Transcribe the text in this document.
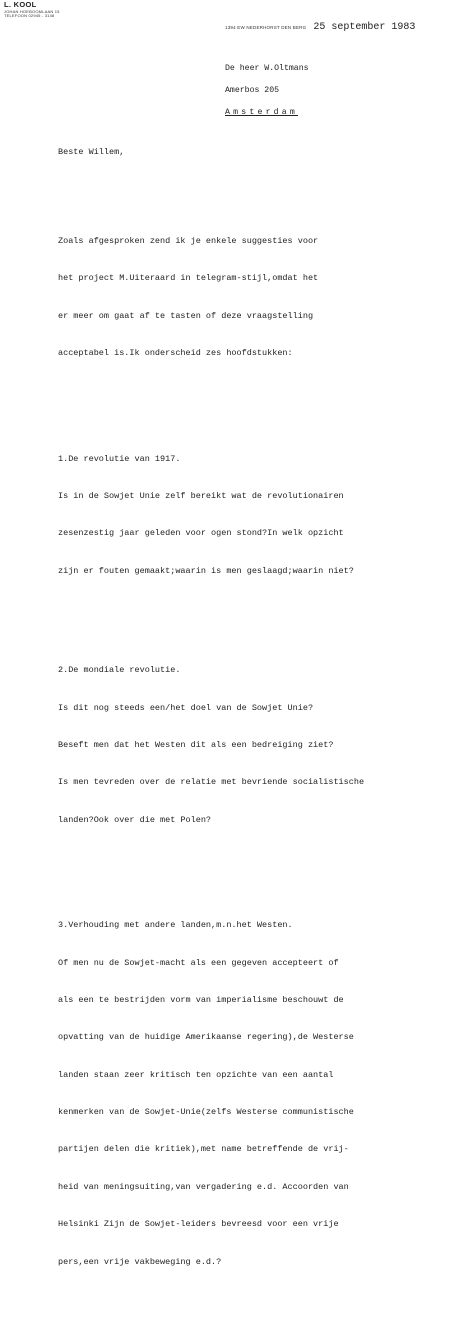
L. KOOL
JOHAN HOEBOOMLAAN 15
TELEFOON 02945 - 3148
1394 EW NEDERHORST DEN BERG 25 september 1983
De heer W.Oltmans
Amerbos 205
Amsterdam
Beste Willem,

Zoals afgesproken zend ik je enkele suggesties voor

het project M.Uiteraard in telegram-stijl,omdat het

er meer om gaat af te tasten of deze vraagstelling

acceptabel is.Ik onderscheid zes hoofdstukken:

1.De revolutie van 1917.

Is in de Sowjet Unie zelf bereikt wat de revolutionairen

zesenzestig jaar geleden voor ogen stond?In welk opzicht

zijn er fouten gemaakt;waarin is men geslaagd;waarin niet?

2.De mondiale revolutie.

Is dit nog steeds een/het doel van de Sowjet Unie?

Beseft men dat het Westen dit als een bedreiging ziet?

Is men tevreden over de relatie met bevriende socialistische

landen?Ook over die met Polen?

3.Verhouding met andere landen,m.n.het Westen.

Of men nu de Sowjet-macht als een gegeven accepteert of

als een te bestrijden vorm van imperialisme beschouwt de

opvatting van de huidige Amerikaanse regering),de Westerse

landen staan zeer kritisch ten opzichte van een aantal

kenmerken van de Sowjet-Unie(zelfs Westerse communistische

partijen delen die kritiek),met name betreffende de vrij-

heid van meningsuiting,van vergadering e.d. Accoorden van

Helsinki Zijn de Sowjet-leiders bevreesd voor een vrije

pers,een vrije vakbeweging e.d.?
